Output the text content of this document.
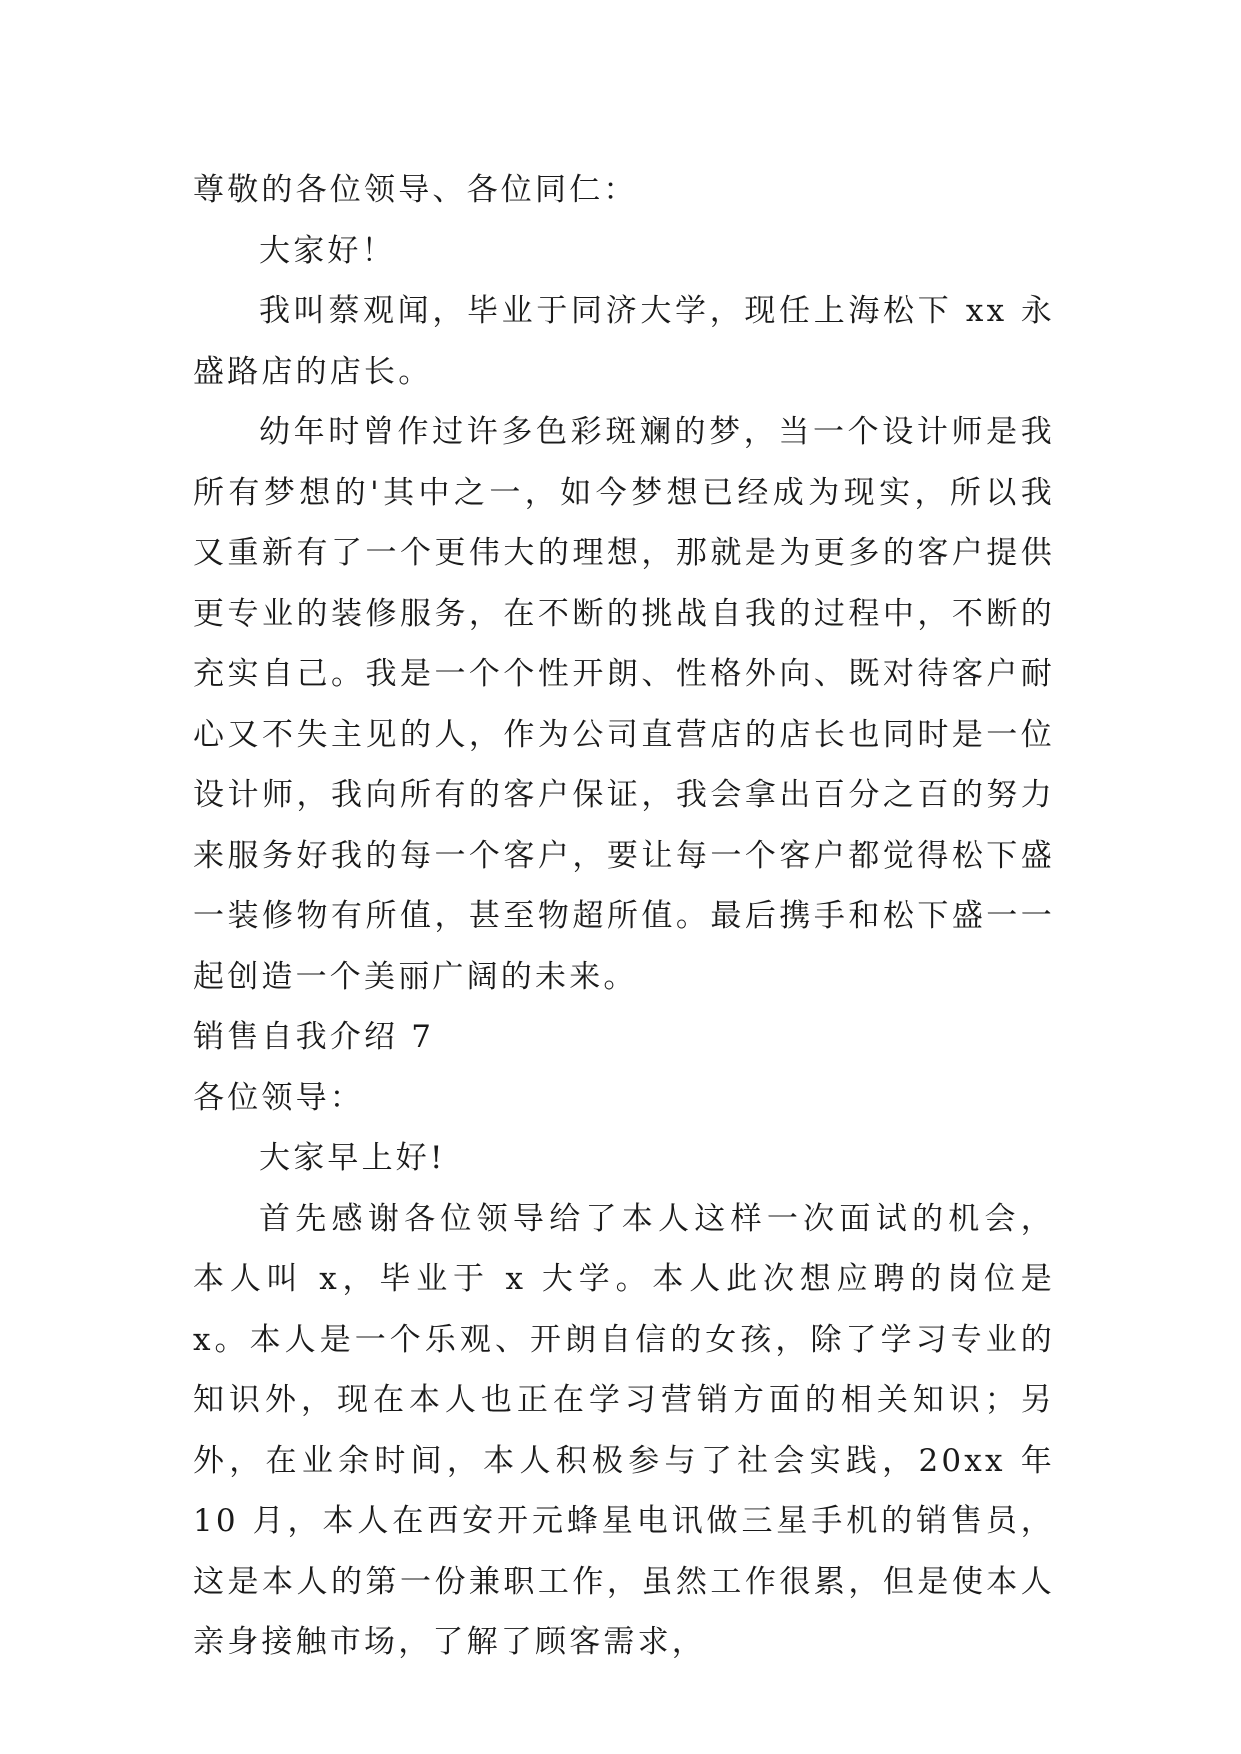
尊敬的各位领导、各位同仁：

大家好！

我叫蔡观闻，毕业于同济大学，现任上海松下 xx 永盛路店的店长。

幼年时曾作过许多色彩斑斓的梦，当一个设计师是我所有梦想的'其中之一，如今梦想已经成为现实，所以我又重新有了一个更伟大的理想，那就是为更多的客户提供更专业的装修服务，在不断的挑战自我的过程中，不断的充实自己。我是一个个性开朗、性格外向、既对待客户耐心又不失主见的人，作为公司直营店的店长也同时是一位设计师，我向所有的客户保证，我会拿出百分之百的努力来服务好我的每一个客户，要让每一个客户都觉得松下盛一装修物有所值，甚至物超所值。最后携手和松下盛一一起创造一个美丽广阔的未来。

销售自我介绍 7

各位领导：

大家早上好!

首先感谢各位领导给了本人这样一次面试的机会， 本人叫 x，毕业于 x 大学。本人此次想应聘的岗位是 x。本人是一个乐观、开朗自信的女孩，除了学习专业的知识外，现在本人也正在学习营销方面的相关知识；另外，在业余时间，本人积极参与了社会实践，20xx 年 10 月，本人在西安开元蜂星电讯做三星手机的销售员，这是本人的第一份兼职工作，虽然工作很累，但是使本人亲身接触市场，了解了顾客需求，
